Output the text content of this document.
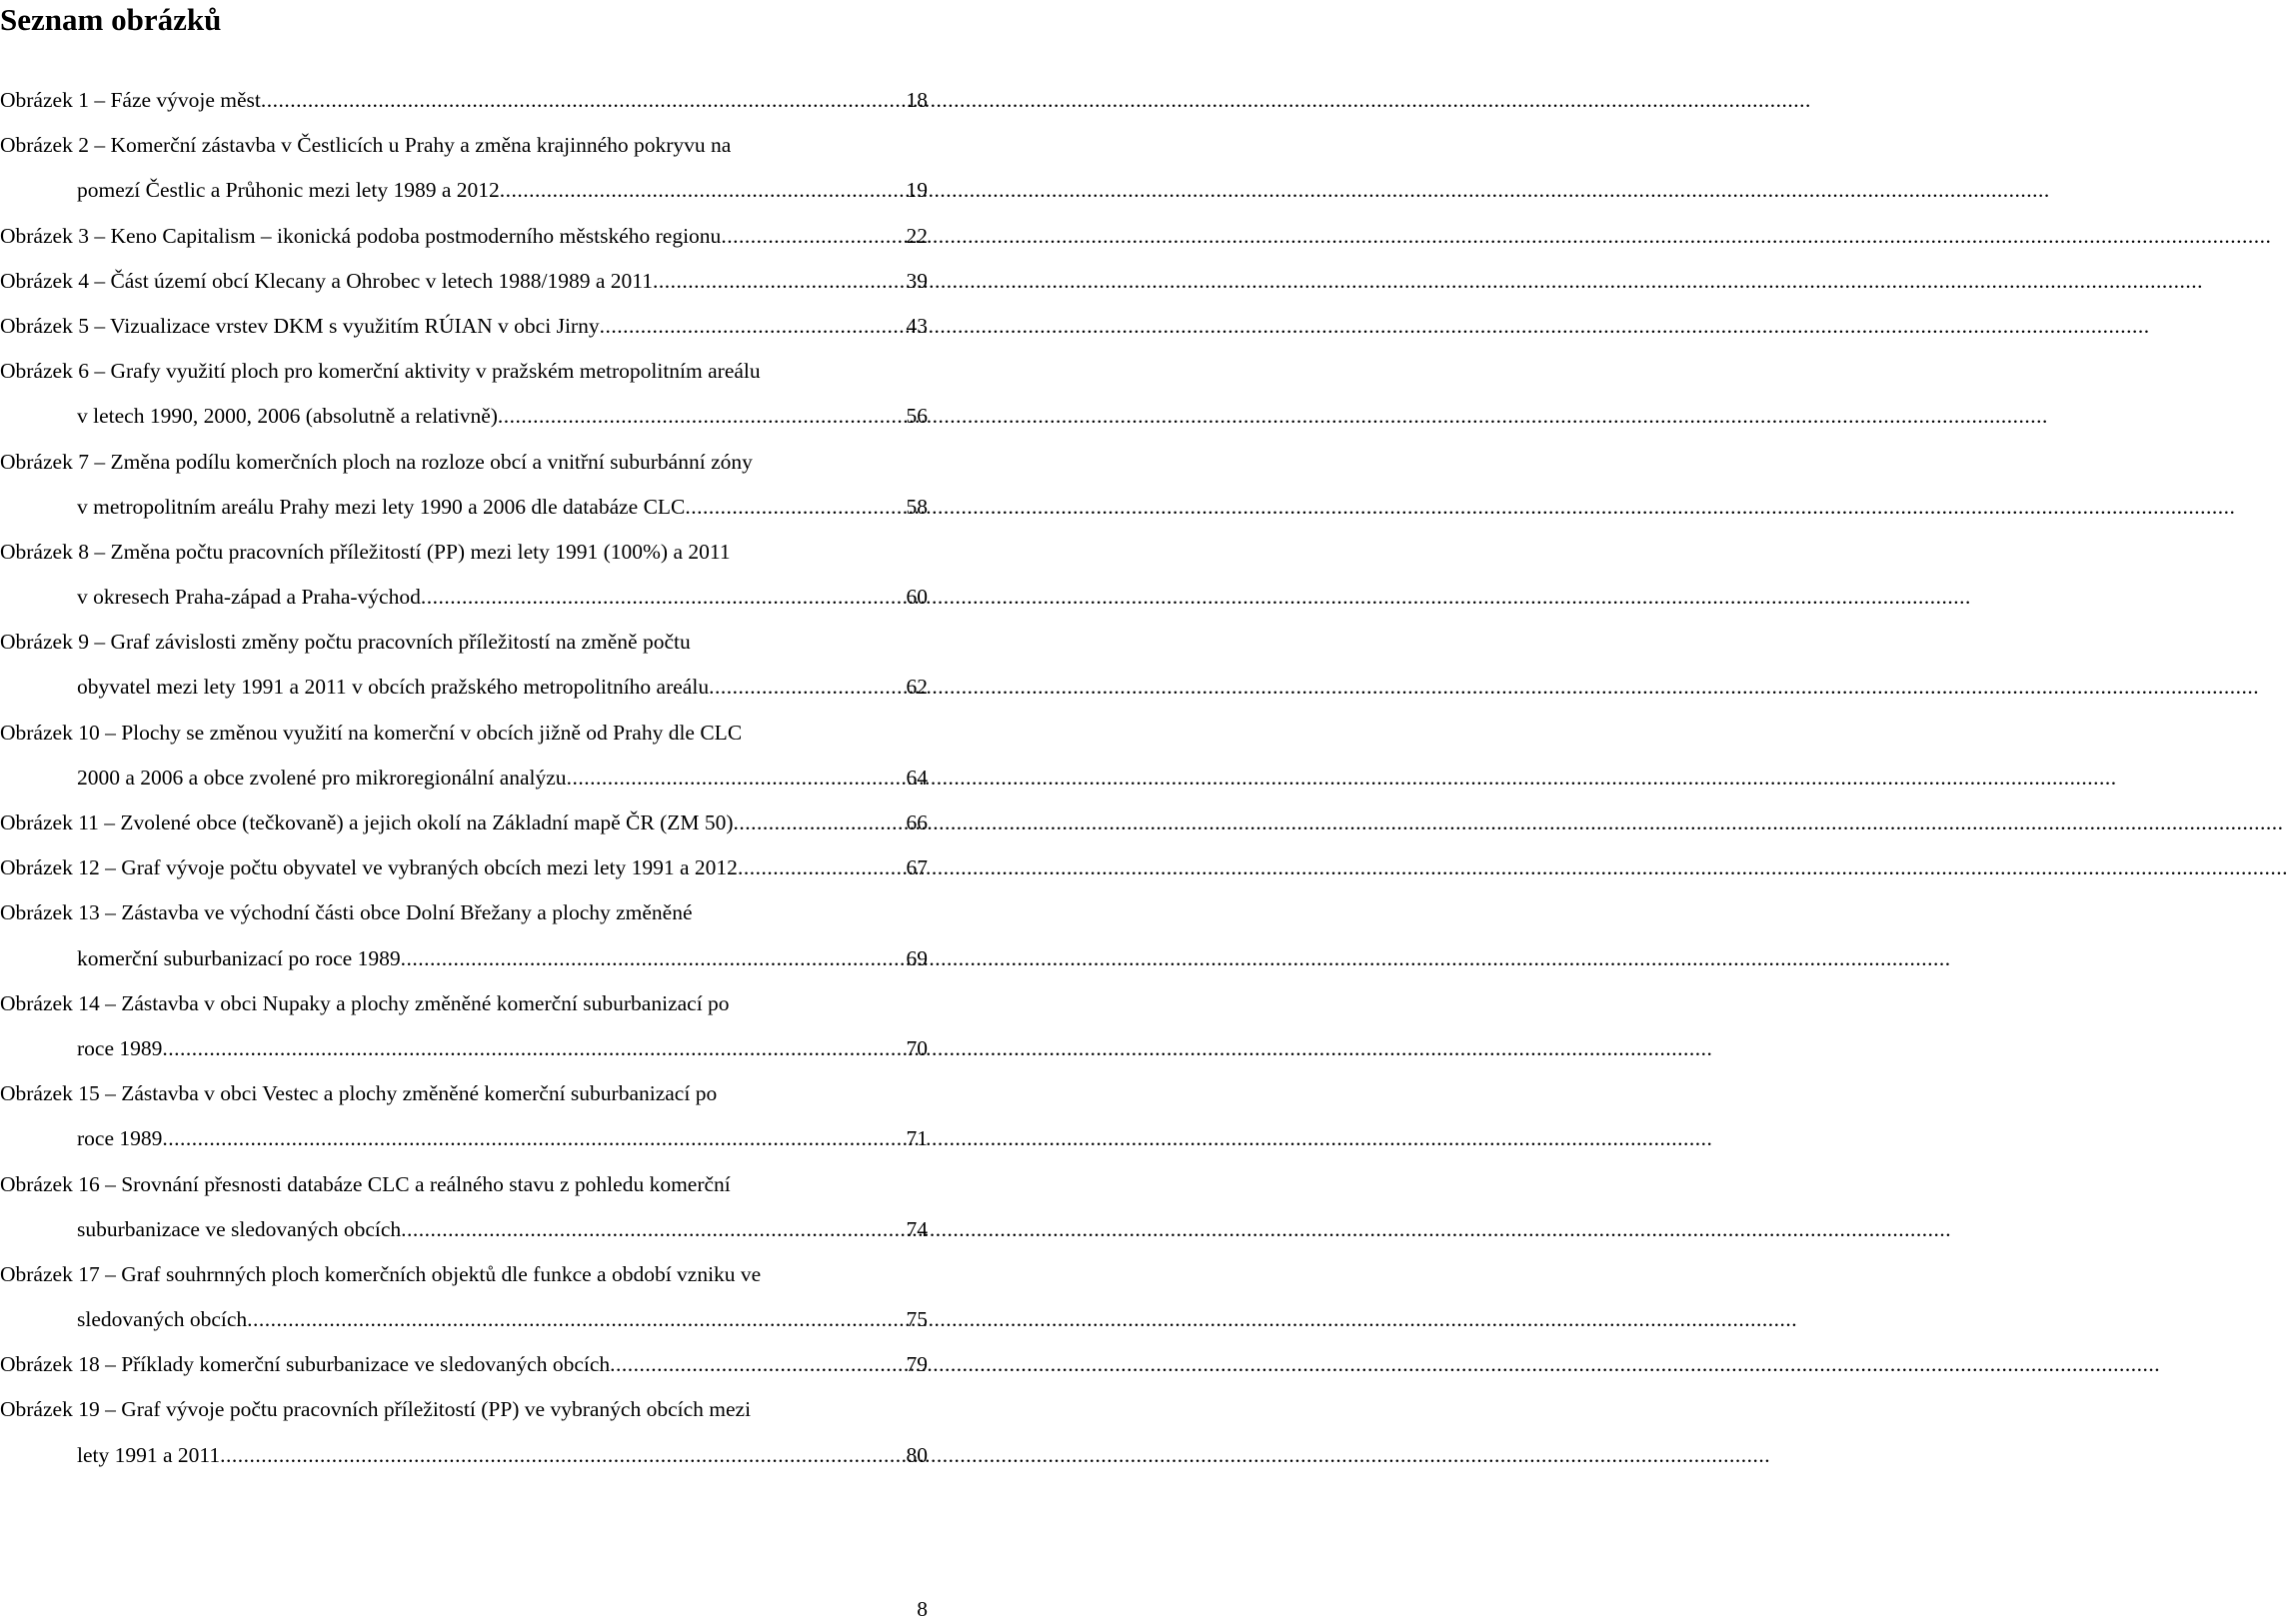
Seznam obrázků
Obrázek 1 – Fáze vývoje měst .....	18
Obrázek 2 – Komerční zástavba v Čestlicích u Prahy a změna krajinného pokryvu na
pomezí Čestlic a Průhonic mezi lety 1989 a 2012 .....	19
Obrázek 3 – Keno Capitalism – ikonická podoba postmoderního městského regionu .....	22
Obrázek 4 – Část území obcí Klecany a Ohrobec v letech 1988/1989 a 2011 .....	39
Obrázek 5 – Vizualizace vrstev DKM s využitím RÚIAN v obci Jirny .....	43
Obrázek 6 – Grafy využití ploch pro komerční aktivity v pražském metropolitním areálu
v letech 1990, 2000, 2006 (absolutně a relativně) .....	56
Obrázek 7 – Změna podílu komerčních ploch na rozloze obcí a vnitřní suburbánní zóny
v metropolitním areálu Prahy mezi lety 1990 a 2006 dle databáze CLC .....	58
Obrázek 8 – Změna počtu pracovních příležitostí (PP) mezi lety 1991 (100%) a 2011
v okresech Praha-západ a Praha-východ .....	60
Obrázek 9 – Graf závislosti změny počtu pracovních příležitostí na změně počtu
obyvatel mezi lety 1991 a 2011 v obcích pražského metropolitního areálu .....	62
Obrázek 10 – Plochy se změnou využití na komerční v obcích jižně od Prahy dle CLC
2000 a 2006 a obce zvolené pro mikroregionální analýzu .....	64
Obrázek 11 – Zvolené obce (tečkovaně) a jejich okolí na Základní mapě ČR (ZM 50) .....	66
Obrázek 12 – Graf vývoje počtu obyvatel ve vybraných obcích mezi lety 1991 a 2012 .....	67
Obrázek 13 – Zástavba ve východní části obce Dolní Břežany a plochy změněné
komerční suburbanizací po roce 1989 .....	69
Obrázek 14 – Zástavba v obci Nupaky a plochy změněné komerční suburbanizací po
roce 1989 .....	70
Obrázek 15 – Zástavba v obci Vestec a plochy změněné komerční suburbanizací po
roce 1989 .....	71
Obrázek 16 – Srovnání přesnosti databáze CLC a reálného stavu z pohledu komerční
suburbanizace ve sledovaných obcích .....	74
Obrázek 17 – Graf souhrnných ploch komerčních objektů dle funkce a období vzniku ve
sledovaných obcích .....	75
Obrázek 18 – Příklady komerční suburbanizace ve sledovaných obcích .....	79
Obrázek 19 – Graf vývoje počtu pracovních příležitostí (PP) ve vybraných obcích mezi
lety 1991 a 2011 .....	80
8
